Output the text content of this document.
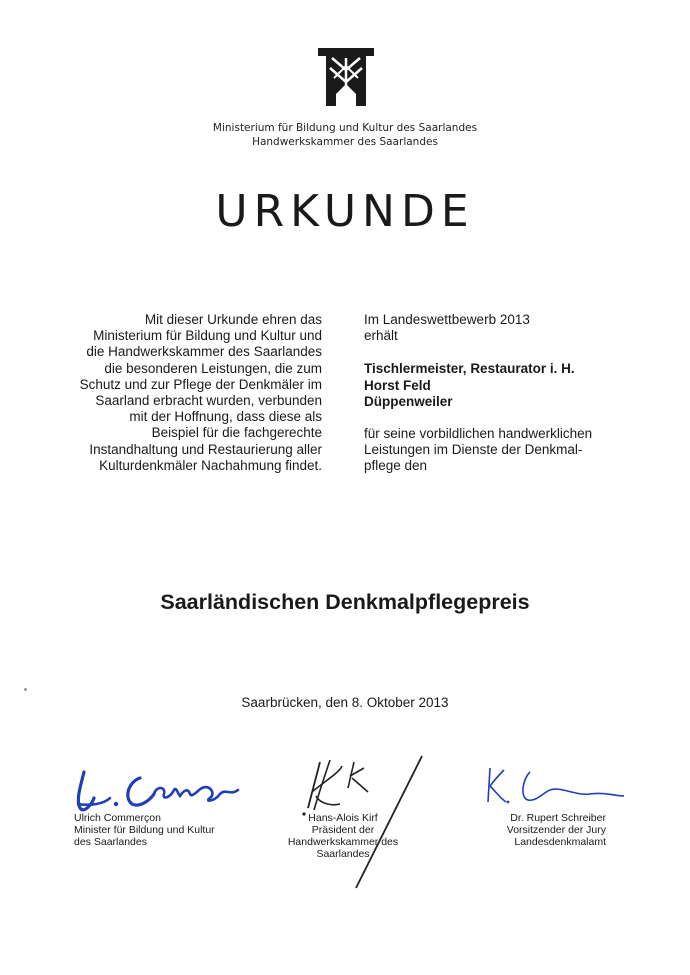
Ministerium für Bildung und Kultur des Saarlandes
Handwerkskammer des Saarlandes
URKUNDE
Mit dieser Urkunde ehren das
Ministerium für Bildung und Kultur und
die Handwerkskammer des Saarlandes
die besonderen Leistungen, die zum
Schutz und zur Pflege der Denkmäler im
Saarland erbracht wurden, verbunden
mit der Hoffnung, dass diese als
Beispiel für die fachgerechte
Instandhaltung und Restaurierung aller
Kulturdenkmäler Nachahmung findet.

Im Landeswettbewerb 2013

erhält

Tischlermeister, Restaurator i. H.

Horst Feld

Düppenweiler

für seine vorbildlichen handwerklichen

Leistungen im Dienste der Denkmal-

pflege den

Saarländischen Denkmalpflegepreis
Saarbrücken, den 8. Oktober 2013
Ulrich Commerçon
Minister für Bildung und Kultur
des Saarlandes
Hans-Alois Kirf
Präsident der
Handwerkskammer des
Saarlandes
Dr. Rupert Schreiber
Vorsitzender der Jury
Landesdenkmalamt
